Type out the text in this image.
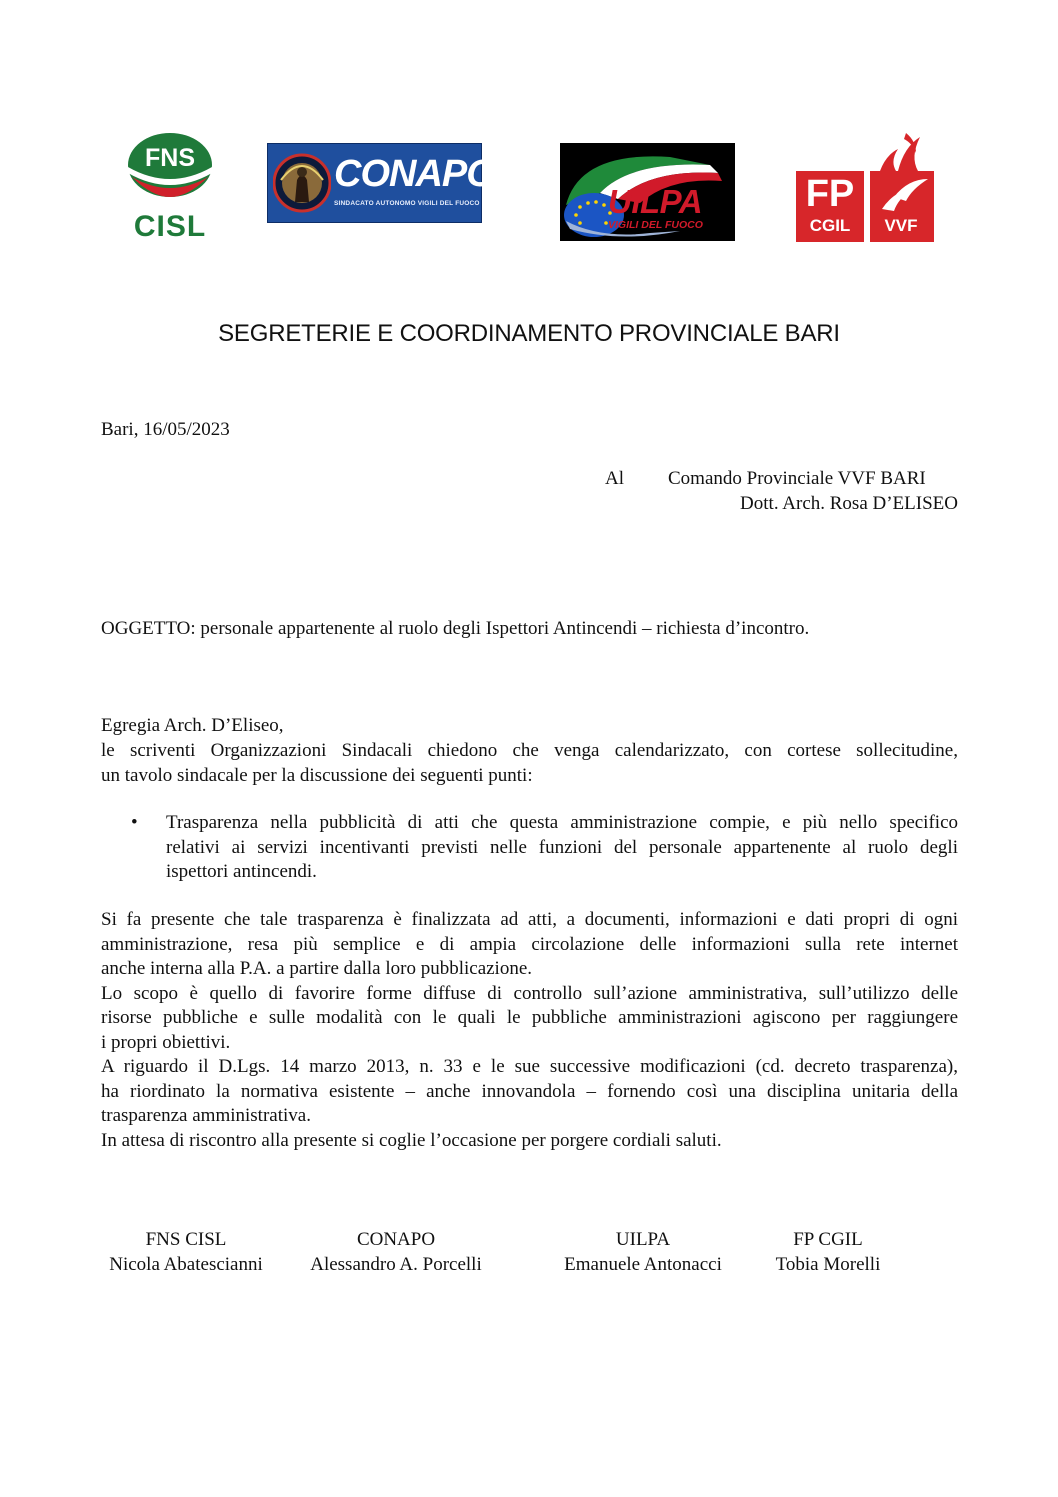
FNS
CISL
CONAPO
SINDACATO AUTONOMO VIGILI DEL FUOCO	UILPA
VIGILI DEL FUOCO
FP
CGIL	VVF
SEGRETERIE E COORDINAMENTO PROVINCIALE BARI
Bari, 16/05/2023
Al Comando Provinciale VVF BARI
Dott. Arch. Rosa D’ELISEO
OGGETTO: personale appartenente al ruolo degli Ispettori Antincendi – richiesta d’incontro.
Egregia Arch. D’Eliseo,
le scriventi Organizzazioni Sindacali chiedono che venga calendarizzato, con cortese sollecitudine,
un tavolo sindacale per la discussione dei seguenti punti:
• Trasparenza nella pubblicità di atti che questa amministrazione compie, e più nello specifico
relativi ai servizi incentivanti previsti nelle funzioni del personale appartenente al ruolo degli
ispettori antincendi.
Si fa presente che tale trasparenza è finalizzata ad atti, a documenti, informazioni e dati propri di ogni
amministrazione, resa più semplice e di ampia circolazione delle informazioni sulla rete internet
anche interna alla P.A. a partire dalla loro pubblicazione.
Lo scopo è quello di favorire forme diffuse di controllo sull’azione amministrativa, sull’utilizzo delle
risorse pubbliche e sulle modalità con le quali le pubbliche amministrazioni agiscono per raggiungere
i propri obiettivi.
A riguardo il D.Lgs. 14 marzo 2013, n. 33 e le sue successive modificazioni (cd. decreto trasparenza),
ha riordinato la normativa esistente – anche innovandola – fornendo così una disciplina unitaria della
trasparenza amministrativa.
In attesa di riscontro alla presente si coglie l’occasione per porgere cordiali saluti.
FNS CISL
Nicola Abatescianni
CONAPO
Alessandro A. Porcelli
UILPA
Emanuele Antonacci
FP CGIL
Tobia Morelli
